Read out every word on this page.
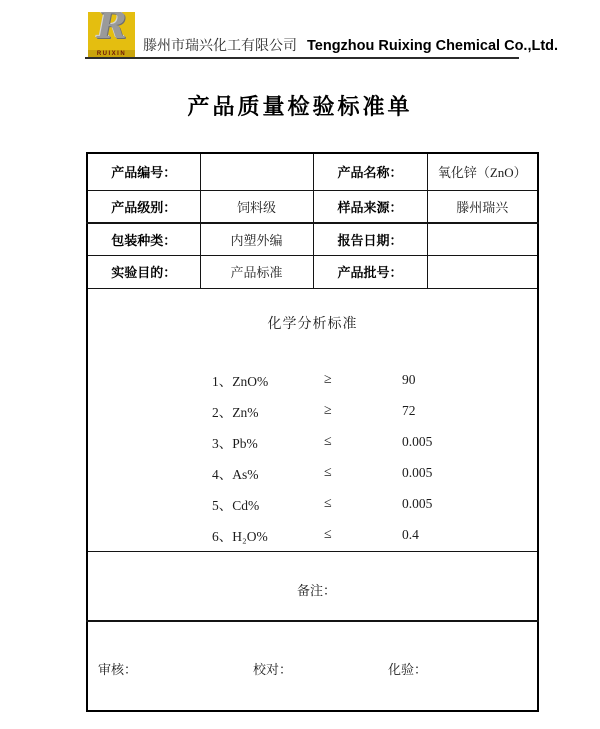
R
RUIXIN	滕州市瑞兴化工有限公司 Tengzhou Ruixing Chemical Co.,Ltd.
产品质量检验标准单
产品编号：		产品名称：	氧化锌（ZnO）
产品级别：	饲料级	样品来源：	滕州瑞兴
包装种类：	内塑外编	报告日期：	
实验目的：	产品标准	产品批号：	

化学分析标准
1、ZnO%	≥	90
2、Zn%	≥	72
3、Pb%	≤	0.005
4、As%	≤	0.005
5、Cd%	≤	0.005
6、H₂O%	≤	0.4

备注：			

审核： 校对： 化验：			
